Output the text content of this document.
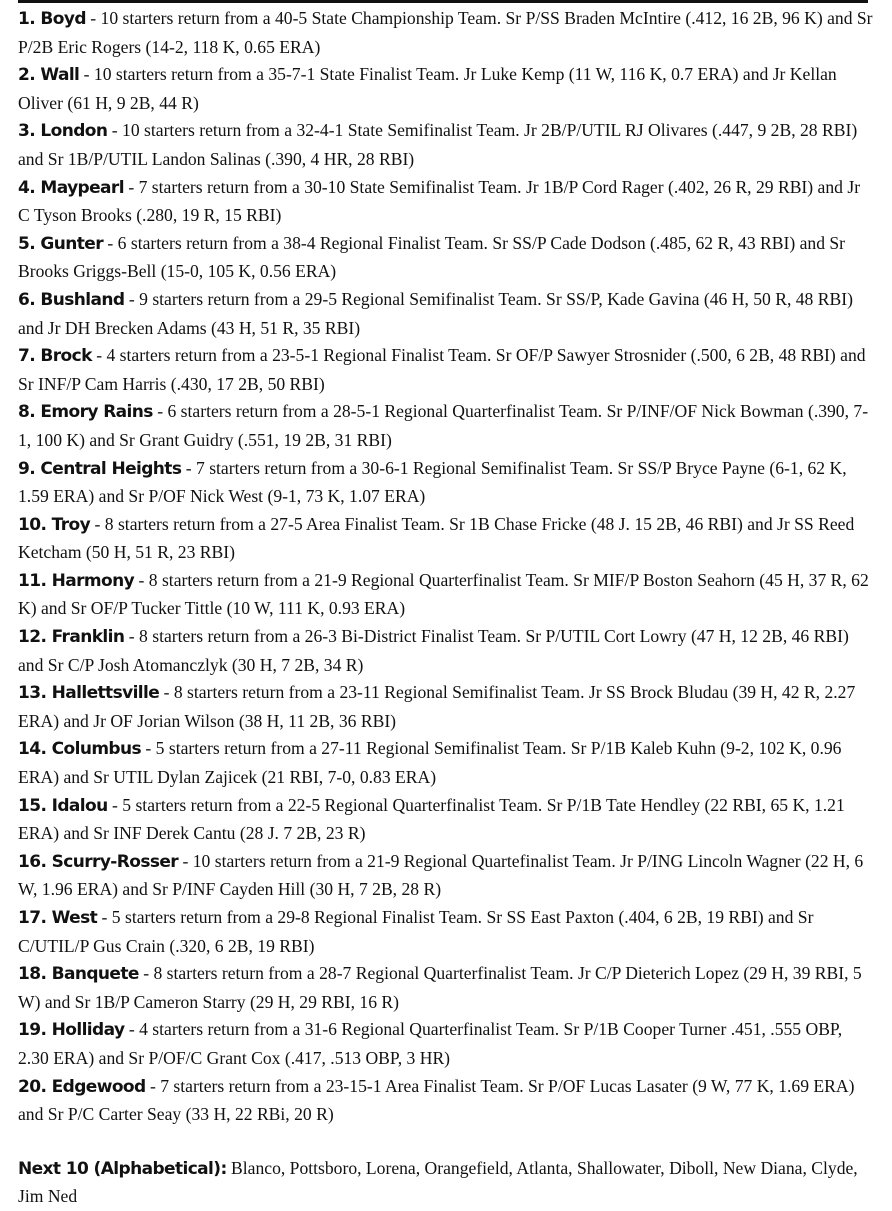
1. Boyd - 10 starters return from a 40-5 State Championship Team. Sr P/SS Braden McIntire (.412, 16 2B, 96 K) and Sr P/2B Eric Rogers (14-2, 118 K, 0.65 ERA)

2. Wall - 10 starters return from a 35-7-1 State Finalist Team. Jr Luke Kemp (11 W, 116 K, 0.7 ERA) and Jr Kellan Oliver (61 H, 9 2B, 44 R)

3. London - 10 starters return from a 32-4-1 State Semifinalist Team. Jr 2B/P/UTIL RJ Olivares (.447, 9 2B, 28 RBI) and Sr 1B/P/UTIL Landon Salinas (.390, 4 HR, 28 RBI)

4. Maypearl - 7 starters return from a 30-10 State Semifinalist Team. Jr 1B/P Cord Rager (.402, 26 R, 29 RBI) and Jr C Tyson Brooks (.280, 19 R, 15 RBI)

5. Gunter - 6 starters return from a 38-4 Regional Finalist Team. Sr SS/P Cade Dodson (.485, 62 R, 43 RBI) and Sr Brooks Griggs-Bell (15-0, 105 K, 0.56 ERA)

6. Bushland - 9 starters return from a 29-5 Regional Semifinalist Team. Sr SS/P, Kade Gavina (46 H, 50 R, 48 RBI) and Jr DH Brecken Adams (43 H, 51 R, 35 RBI)

7. Brock - 4 starters return from a 23-5-1 Regional Finalist Team. Sr OF/P Sawyer Strosnider (.500, 6 2B, 48 RBI) and Sr INF/P Cam Harris (.430, 17 2B, 50 RBI)

8. Emory Rains - 6 starters return from a 28-5-1 Regional Quarterfinalist Team. Sr P/INF/OF Nick Bowman (.390, 7-1, 100 K) and Sr Grant Guidry (.551, 19 2B, 31 RBI)

9. Central Heights - 7 starters return from a 30-6-1 Regional Semifinalist Team. Sr SS/P Bryce Payne (6-1, 62 K, 1.59 ERA) and Sr P/OF Nick West (9-1, 73 K, 1.07 ERA)

10. Troy - 8 starters return from a 27-5 Area Finalist Team. Sr 1B Chase Fricke (48 J. 15 2B, 46 RBI) and Jr SS Reed Ketcham (50 H, 51 R, 23 RBI)

11. Harmony - 8 starters return from a 21-9 Regional Quarterfinalist Team. Sr MIF/P Boston Seahorn (45 H, 37 R, 62 K) and Sr OF/P Tucker Tittle (10 W, 111 K, 0.93 ERA)

12. Franklin - 8 starters return from a 26-3 Bi-District Finalist Team. Sr P/UTIL Cort Lowry (47 H, 12 2B, 46 RBI) and Sr C/P Josh Atomanczlyk (30 H, 7 2B, 34 R)

13. Hallettsville - 8 starters return from a 23-11 Regional Semifinalist Team. Jr SS Brock Bludau (39 H, 42 R, 2.27 ERA) and Jr OF Jorian Wilson (38 H, 11 2B, 36 RBI)

14. Columbus - 5 starters return from a 27-11 Regional Semifinalist Team. Sr P/1B Kaleb Kuhn (9-2, 102 K, 0.96 ERA) and Sr UTIL Dylan Zajicek (21 RBI, 7-0, 0.83 ERA)

15. Idalou - 5 starters return from a 22-5 Regional Quarterfinalist Team. Sr P/1B Tate Hendley (22 RBI, 65 K, 1.21 ERA) and Sr INF Derek Cantu (28 J. 7 2B, 23 R)

16. Scurry-Rosser - 10 starters return from a 21-9 Regional Quartefinalist Team. Jr P/ING Lincoln Wagner (22 H, 6 W, 1.96 ERA) and Sr P/INF Cayden Hill (30 H, 7 2B, 28 R)

17. West - 5 starters return from a 29-8 Regional Finalist Team. Sr SS East Paxton (.404, 6 2B, 19 RBI) and Sr C/UTIL/P Gus Crain (.320, 6 2B, 19 RBI)

18. Banquete - 8 starters return from a 28-7 Regional Quarterfinalist Team. Jr C/P Dieterich Lopez (29 H, 39 RBI, 5 W) and Sr 1B/P Cameron Starry (29 H, 29 RBI, 16 R)

19. Holliday - 4 starters return from a 31-6 Regional Quarterfinalist Team. Sr P/1B Cooper Turner .451, .555 OBP, 2.30 ERA) and Sr P/OF/C Grant Cox (.417, .513 OBP, 3 HR)

20. Edgewood - 7 starters return from a 23-15-1 Area Finalist Team. Sr P/OF Lucas Lasater (9 W, 77 K, 1.69 ERA) and Sr P/C Carter Seay (33 H, 22 RBi, 20 R)

Next 10 (Alphabetical): Blanco, Pottsboro, Lorena, Orangefield, Atlanta, Shallowater, Diboll, New Diana, Clyde, Jim Ned
